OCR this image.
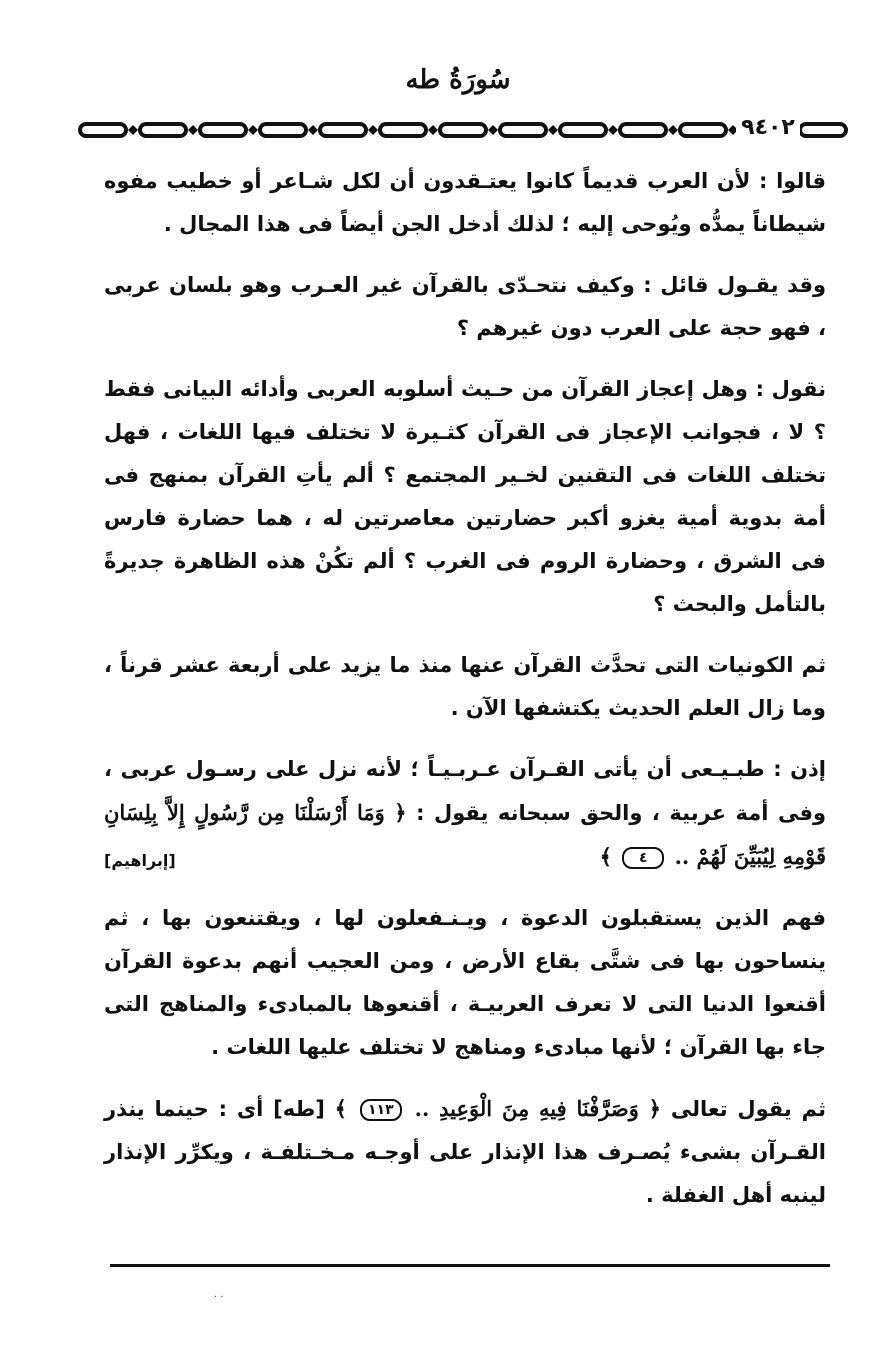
سُورَةُ طه
٩٤٠٢

قالوا : لأن العرب قديماً كانوا يعتـقدون أن لكل شـاعر أو خطيب مفوه شيطاناً يمدُّه ويُوحى إليه ؛ لذلك أدخل الجن أيضاً فى هذا المجال .

وقد يقـول قائل : وكيف نتحـدّى بالقرآن غير العـرب وهو بلسان عربى ، فهو حجة على العرب دون غيرهم ؟

نقول : وهل إعجاز القرآن من حـيث أسلوبه العربى وأدائه البيانى فقط ؟ لا ، فجوانب الإعجاز فى القرآن كثـيرة لا تختلف فيها اللغات ، فهل تختلف اللغات فى التقنين لخـير المجتمع ؟ ألم يأتِ القرآن بمنهج فى أمة بدوية أمية يغزو أكبر حضارتين معاصرتين له ، هما حضارة فارس فى الشرق ، وحضارة الروم فى الغرب ؟ ألم تكُنْ هذه الظاهرة جديرةً بالتأمل والبحث ؟

ثم الكونيات التى تحدَّث القرآن عنها منذ ما يزيد على أربعة عشر قرناً ، وما زال العلم الحديث يكتشفها الآن .

إذن : طبـيـعى أن يأتى القـرآن عـربـيـاً ؛ لأنه نزل على رسـول عربى ، وفى أمة عربية ، والحق سبحانه يقول : ﴿ وَمَا أَرْسَلْنَا مِن رَّسُولٍ إِلاَّ بِلِسَانِ قَوْمِهِ لِيُبَيِّنَ لَهُمْ .. ٤ ﴾
[إبراهيم]

فهم الذين يستقبلون الدعوة ، ويـنـفعلون لها ، ويقتنعون بها ، ثم ينساحون بها فى شتَّى بقاع الأرض ، ومن العجيب أنهم بدعوة القرآن أقنعوا الدنيا التى لا تعرف العربيـة ، أقنعوها بالمبادىء والمناهج التى جاء بها القرآن ؛ لأنها مبادىء ومناهج لا تختلف عليها اللغات .

ثم يقول تعالى ﴿ وَصَرَّفْنَا فِيهِ مِنَ الْوَعِيدِ .. ١١٣ ﴾ [طه] أى : حينما ينذر القـرآن بشىء يُصـرف هذا الإنذار على أوجـه مـخـتلفـة ، ويكرِّر الإنذار لينبه أهل الغفلة .

· ·
